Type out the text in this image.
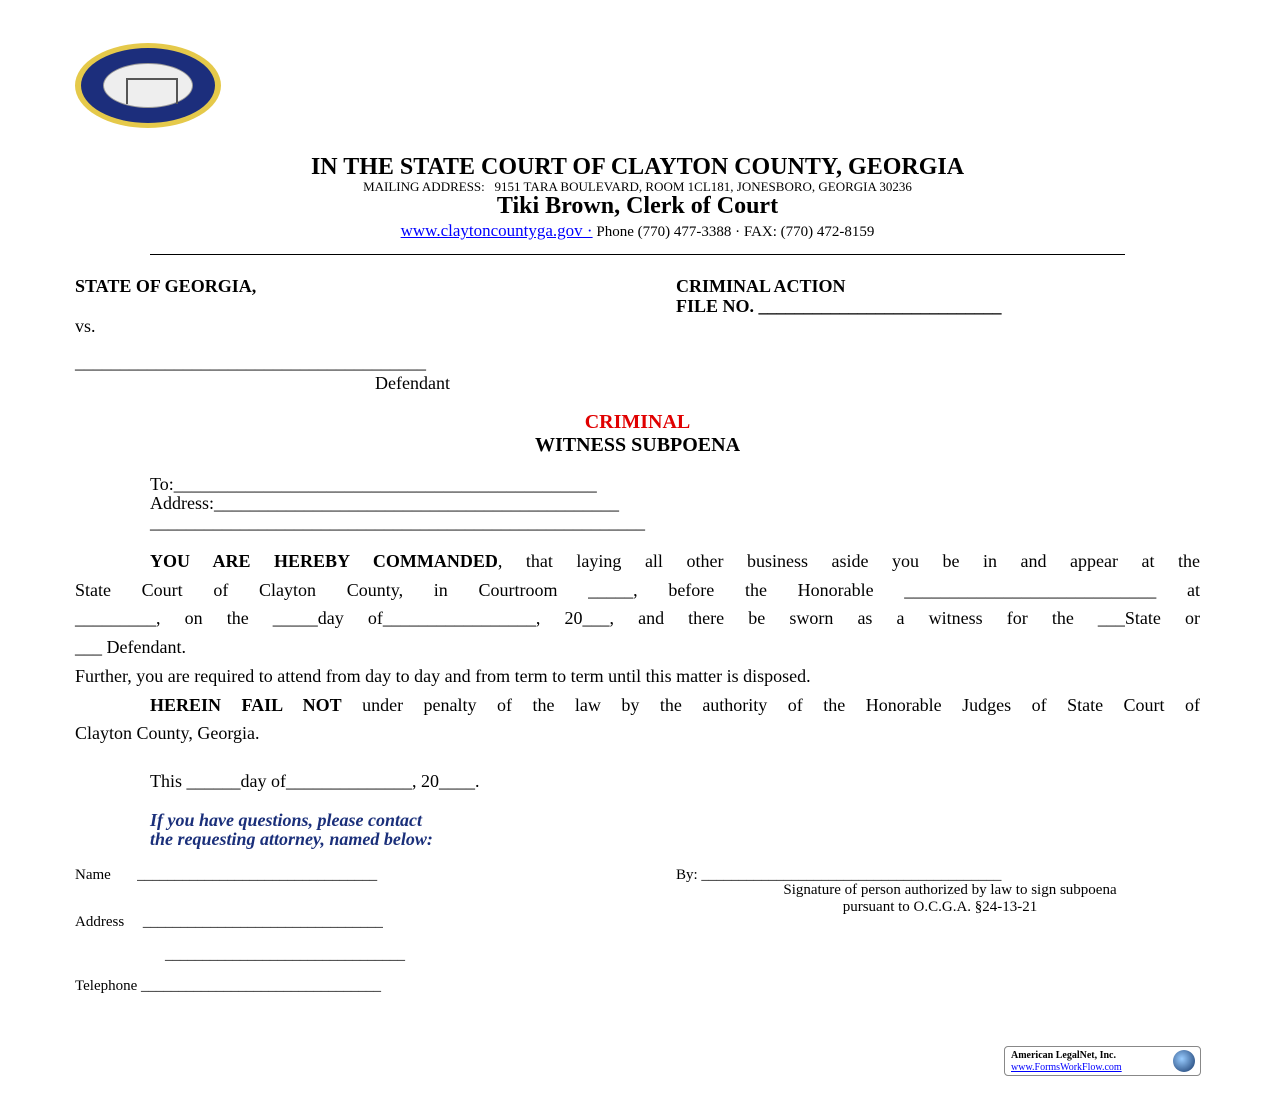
IN THE STATE COURT OF CLAYTON COUNTY, GEORGIA
MAILING ADDRESS:   9151 TARA BOULEVARD, ROOM 1CL181, JONESBORO, GEORGIA 30236
Tiki Brown, Clerk of Court
www.claytoncountyga.gov · Phone (770) 477-3388 · FAX: (770) 472-8159
STATE OF GEORGIA,
vs.
_______________________________________
Defendant
CRIMINAL ACTION
FILE NO. ___________________________
CRIMINAL
WITNESS SUBPOENA
To:_______________________________________________
Address:_____________________________________________
_______________________________________________________
YOU ARE HEREBY COMMANDED, that laying all other business aside you be in and appear at the
State Court of Clayton County, in Courtroom _____, before the Honorable ____________________________ at
_________, on the _____day of_________________, 20___, and there be sworn as a witness for the ___State or
___ Defendant.
Further, you are required to attend from day to day and from term to term until this matter is disposed.
HEREIN FAIL NOT under penalty of the law by the authority of the Honorable Judges of State Court of
Clayton County, Georgia.
This ______day of______________, 20____.
If you have questions, please contact
the requesting attorney, named below:
Name       ________________________________
Address     ________________________________
________________________________
Telephone ________________________________
By: ________________________________________
Signature of person authorized by law to sign subpoena
pursuant to O.C.G.A. §24-13-21
American LegalNet, Inc.
www.FormsWorkFlow.com
